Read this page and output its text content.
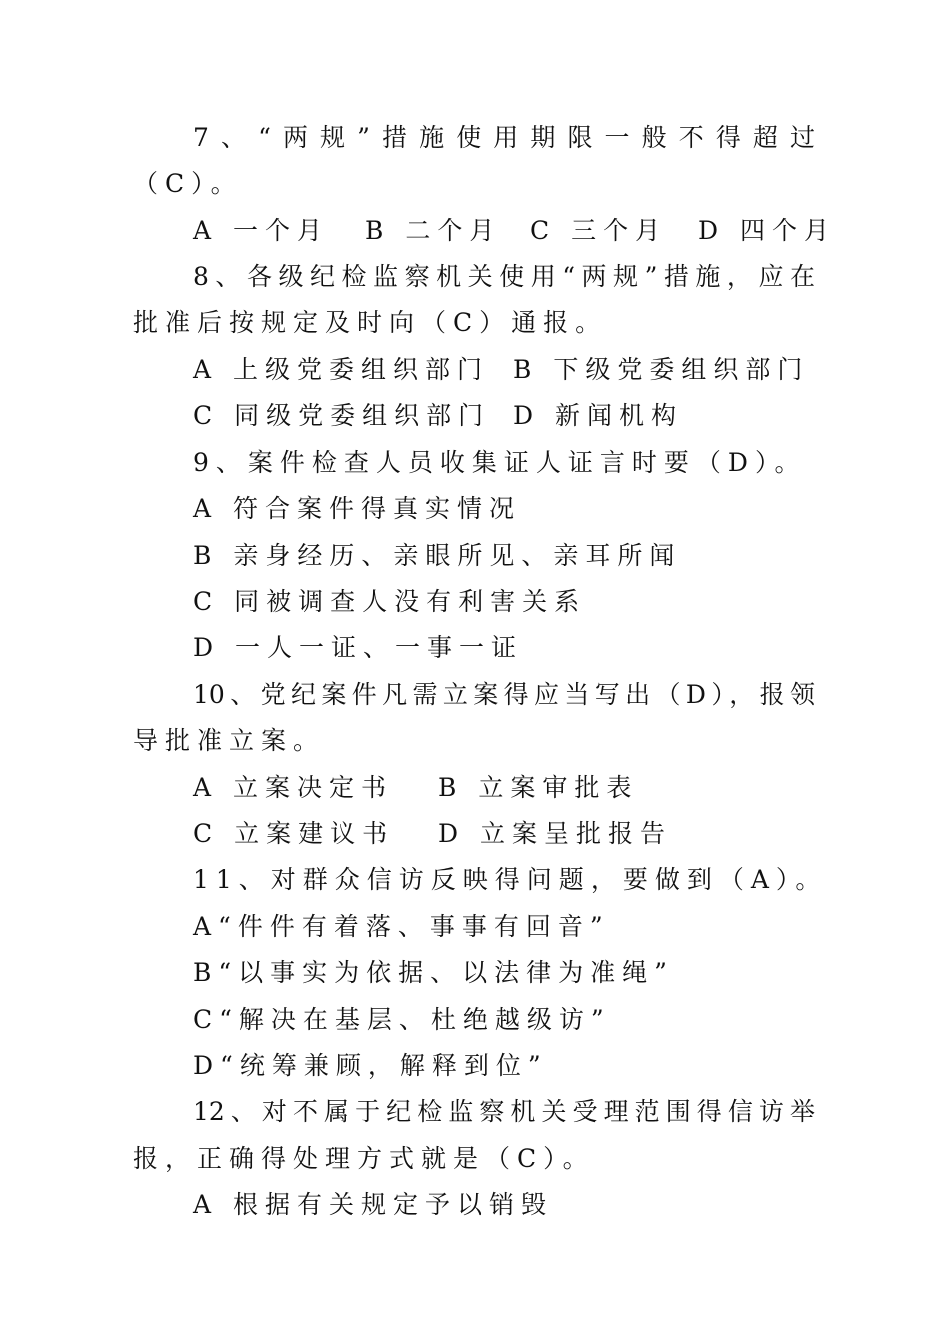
7、“两规”措施使用期限一般不得超过
（C）。
A 一个月 B 二个月 C 三个月 D 四个月
8、各级纪检监察机关使用“两规”措施，应在
批准后按规定及时向（C）通报。
A 上级党委组织部门 B 下级党委组织部门
C 同级党委组织部门 D 新闻机构
9、案件检查人员收集证人证言时要（D）。
A 符合案件得真实情况
B 亲身经历、亲眼所见、亲耳所闻
C 同被调查人没有利害关系
D 一人一证、一事一证
10、党纪案件凡需立案得应当写出（D），报领
导批准立案。
A 立案决定书 B 立案审批表
C 立案建议书 D 立案呈批报告
11、对群众信访反映得问题，要做到（A）。
A“件件有着落、事事有回音”
B“以事实为依据、以法律为准绳”
C“解决在基层、杜绝越级访”
D“统筹兼顾，解释到位”
12、对不属于纪检监察机关受理范围得信访举
报，正确得处理方式就是（C）。
A 根据有关规定予以销毁
